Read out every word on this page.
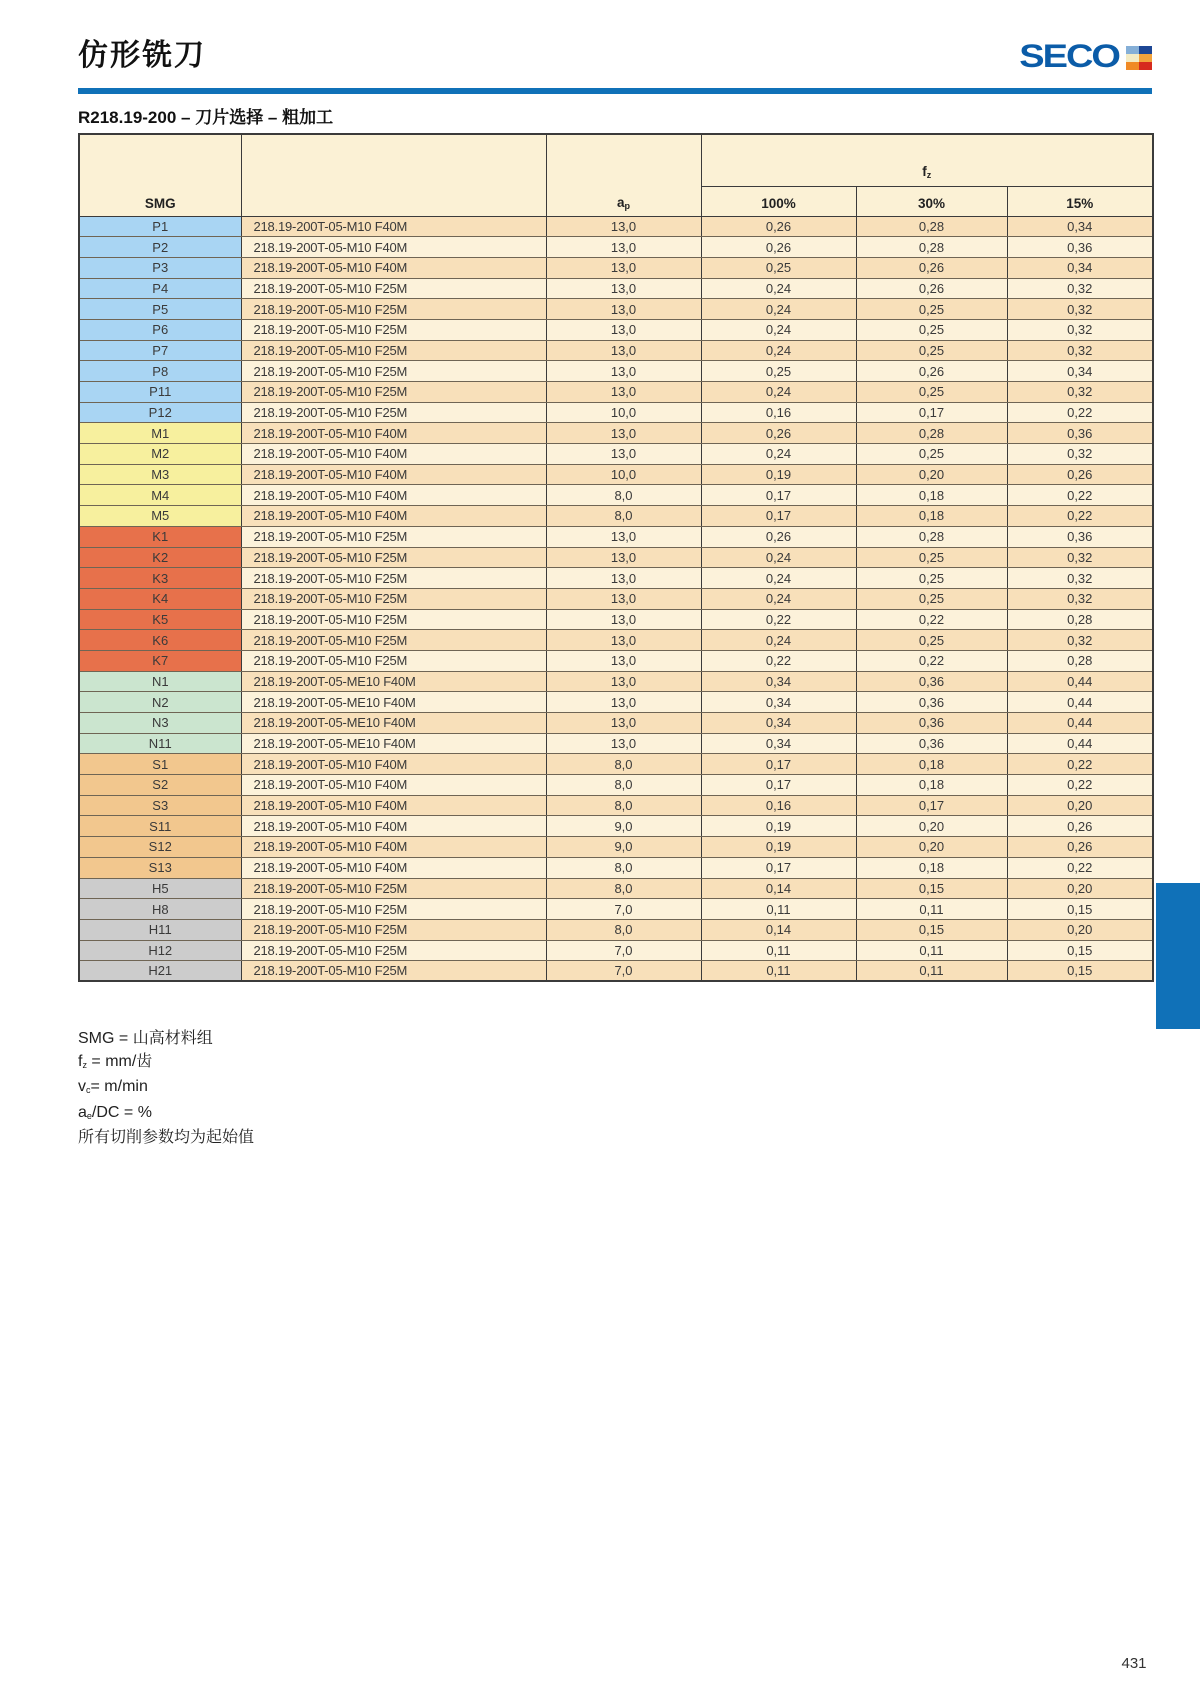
仿形铣刀	SECO
R218.19-200 – 刀片选择 – 粗加工
SMG		$a_p$	$f_z$
			100%	30%	15%
P1	218.19-200T-05-M10 F40M	13,0	0,26	0,28	0,34
P2	218.19-200T-05-M10 F40M	13,0	0,26	0,28	0,36
P3	218.19-200T-05-M10 F40M	13,0	0,25	0,26	0,34
P4	218.19-200T-05-M10 F25M	13,0	0,24	0,26	0,32
P5	218.19-200T-05-M10 F25M	13,0	0,24	0,25	0,32
P6	218.19-200T-05-M10 F25M	13,0	0,24	0,25	0,32
P7	218.19-200T-05-M10 F25M	13,0	0,24	0,25	0,32
P8	218.19-200T-05-M10 F25M	13,0	0,25	0,26	0,34
P11	218.19-200T-05-M10 F25M	13,0	0,24	0,25	0,32
P12	218.19-200T-05-M10 F25M	10,0	0,16	0,17	0,22
M1	218.19-200T-05-M10 F40M	13,0	0,26	0,28	0,36
M2	218.19-200T-05-M10 F40M	13,0	0,24	0,25	0,32
M3	218.19-200T-05-M10 F40M	10,0	0,19	0,20	0,26
M4	218.19-200T-05-M10 F40M	8,0	0,17	0,18	0,22
M5	218.19-200T-05-M10 F40M	8,0	0,17	0,18	0,22
K1	218.19-200T-05-M10 F25M	13,0	0,26	0,28	0,36
K2	218.19-200T-05-M10 F25M	13,0	0,24	0,25	0,32
K3	218.19-200T-05-M10 F25M	13,0	0,24	0,25	0,32
K4	218.19-200T-05-M10 F25M	13,0	0,24	0,25	0,32
K5	218.19-200T-05-M10 F25M	13,0	0,22	0,22	0,28
K6	218.19-200T-05-M10 F25M	13,0	0,24	0,25	0,32
K7	218.19-200T-05-M10 F25M	13,0	0,22	0,22	0,28
N1	218.19-200T-05-ME10 F40M	13,0	0,34	0,36	0,44
N2	218.19-200T-05-ME10 F40M	13,0	0,34	0,36	0,44
N3	218.19-200T-05-ME10 F40M	13,0	0,34	0,36	0,44
N11	218.19-200T-05-ME10 F40M	13,0	0,34	0,36	0,44
S1	218.19-200T-05-M10 F40M	8,0	0,17	0,18	0,22
S2	218.19-200T-05-M10 F40M	8,0	0,17	0,18	0,22
S3	218.19-200T-05-M10 F40M	8,0	0,16	0,17	0,20
S11	218.19-200T-05-M10 F40M	9,0	0,19	0,20	0,26
S12	218.19-200T-05-M10 F40M	9,0	0,19	0,20	0,26
S13	218.19-200T-05-M10 F40M	8,0	0,17	0,18	0,22
H5	218.19-200T-05-M10 F25M	8,0	0,14	0,15	0,20
H8	218.19-200T-05-M10 F25M	7,0	0,11	0,11	0,15
H11	218.19-200T-05-M10 F25M	8,0	0,14	0,15	0,20
H12	218.19-200T-05-M10 F25M	7,0	0,11	0,11	0,15
H21	218.19-200T-05-M10 F25M	7,0	0,11	0,11	0,15
SMG = 山高材料组
$f_z = mm/$齿
$v_c= m/\min$
$a_e/DC$ = %
所有切削参数均为起始值
431
